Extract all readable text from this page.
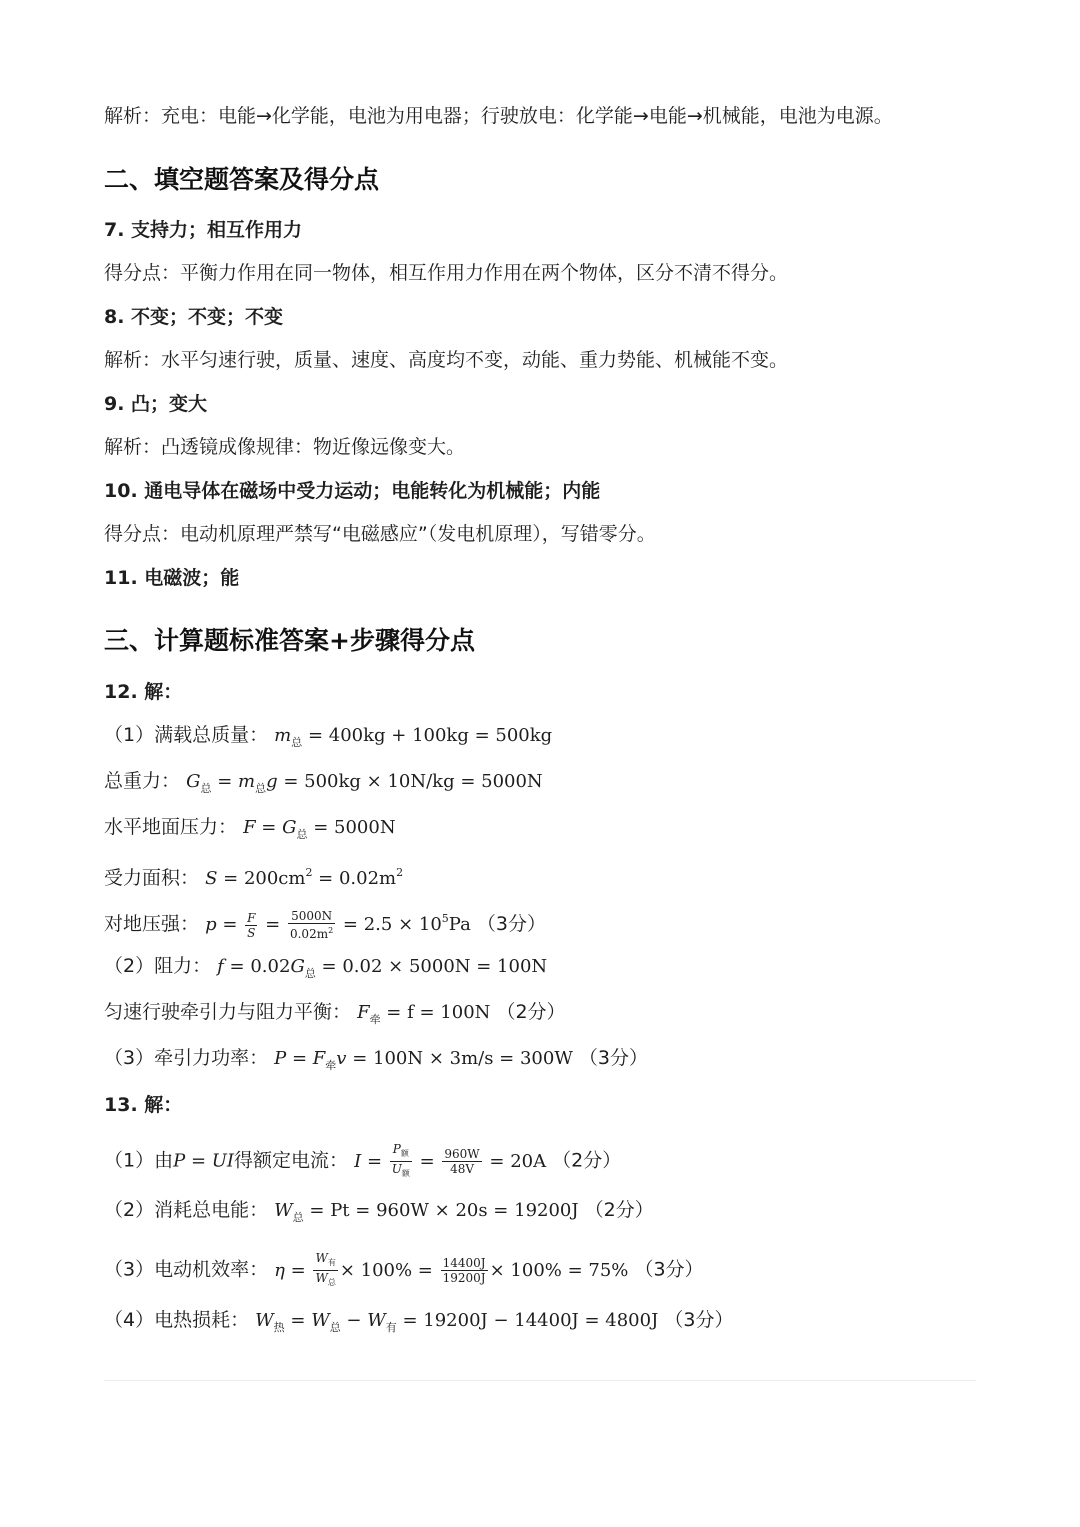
解析：充电：电能→化学能，电池为用电器；行驶放电：化学能→电能→机械能，电池为电源。
二、填空题答案及得分点
7. 支持力；相互作用力
得分点：平衡力作用在同一物体，相互作用力作用在两个物体，区分不清不得分。
8. 不变；不变；不变
解析：水平匀速行驶，质量、速度、高度均不变，动能、重力势能、机械能不变。
9. 凸；变大
解析：凸透镜成像规律：物近像远像变大。
10. 通电导体在磁场中受力运动；电能转化为机械能；内能
得分点：电动机原理严禁写“电磁感应”（发电机原理），写错零分。
11. 电磁波；能
三、计算题标准答案+步骤得分点
12. 解：
（1）满载总质量： $m_总 = 400kg + 100kg = 500kg$
总重力： $G_总 = m_总g = 500kg \times 10N/kg = 5000N$
水平地面压力： $F = G_总 = 5000N$
受力面积： $S = 200cm^2 = 0.02m^2$
对地压强： $p = \frac{F}{S} = \frac{5000N}{0.02m^2} = 2.5 \times 10^5Pa$ （3分）
（2）阻力： $f = 0.02G_总 = 0.02 \times 5000N = 100N$
匀速行驶牵引力与阻力平衡： $F_牵 = f = 100N$ （2分）
（3）牵引力功率： $P = F_牵v = 100N \times 3m/s = 300W$ （3分）
13. 解：
（1）由P = UI得额定电流： $I = \frac{P_额}{U_额} = \frac{960W}{48V} = 20A$ （2分）
（2）消耗总电能： $W_总 = Pt = 960W \times 20s = 19200J$ （2分）
（3）电动机效率： $\eta = \frac{W_有}{W_总} \times 100\% = \frac{14400J}{19200J} \times 100\% = 75\%$ （3分）
（4）电热损耗： $W_热 = W_总 - W_有 = 19200J - 14400J = 4800J$ （3分）
